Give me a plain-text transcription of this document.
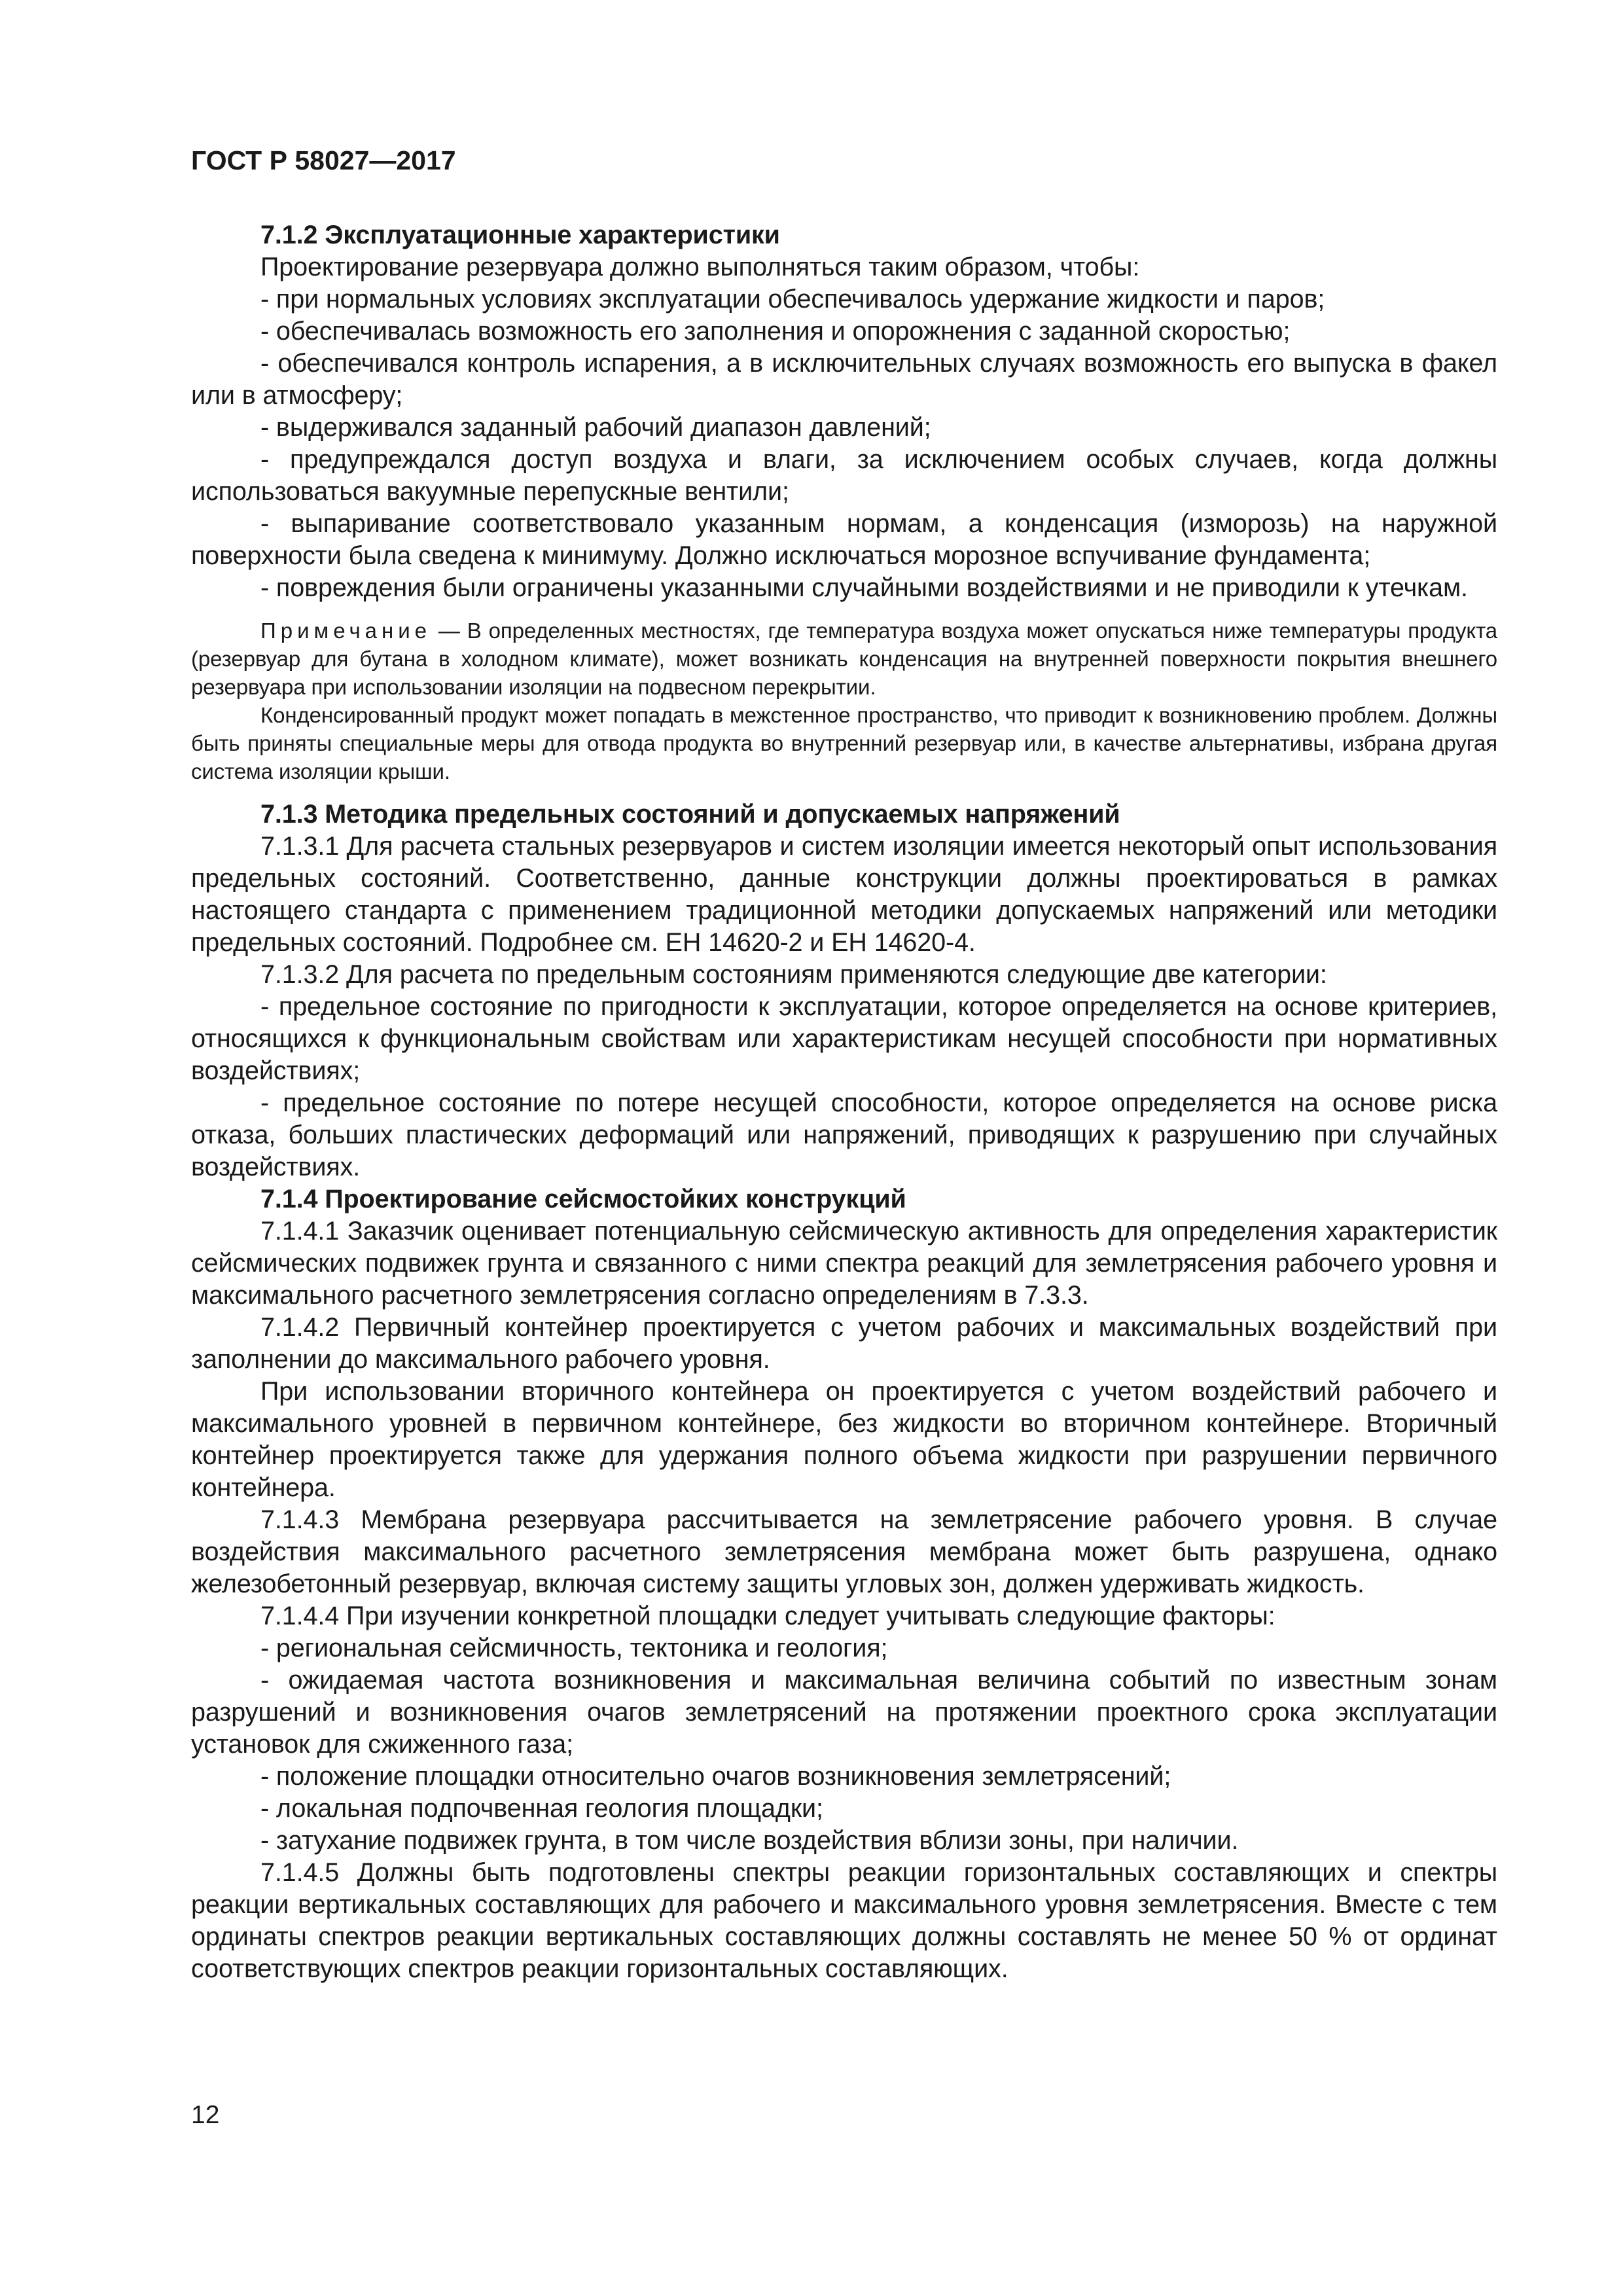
ГОСТ Р 58027—2017

7.1.2 Эксплуатационные характеристики

Проектирование резервуара должно выполняться таким образом, чтобы:

- при нормальных условиях эксплуатации обеспечивалось удержание жидкости и паров;

- обеспечивалась возможность его заполнения и опорожнения с заданной скоростью;

- обеспечивался контроль испарения, а в исключительных случаях возможность его выпуска в факел или в атмосферу;

- выдерживался заданный рабочий диапазон давлений;

- предупреждался доступ воздуха и влаги, за исключением особых случаев, когда должны использоваться вакуумные перепускные вентили;

- выпаривание соответствовало указанным нормам, а конденсация (изморозь) на наружной поверхности была сведена к минимуму. Должно исключаться морозное вспучивание фундамента;

- повреждения были ограничены указанными случайными воздействиями и не приводили к утечкам.

Примечание — В определенных местностях, где температура воздуха может опускаться ниже температуры продукта (резервуар для бутана в холодном климате), может возникать конденсация на внутренней поверхности покрытия внешнего резервуара при использовании изоляции на подвесном перекрытии.

Конденсированный продукт может попадать в межстенное пространство, что приводит к возникновению проблем. Должны быть приняты специальные меры для отвода продукта во внутренний резервуар или, в качестве альтернативы, избрана другая система изоляции крыши.

7.1.3 Методика предельных состояний и допускаемых напряжений

7.1.3.1 Для расчета стальных резервуаров и систем изоляции имеется некоторый опыт использования предельных состояний. Соответственно, данные конструкции должны проектироваться в рамках настоящего стандарта с применением традиционной методики допускаемых напряжений или методики предельных состояний. Подробнее см. ЕН 14620-2 и ЕН 14620-4.

7.1.3.2 Для расчета по предельным состояниям применяются следующие две категории:

- предельное состояние по пригодности к эксплуатации, которое определяется на основе критериев, относящихся к функциональным свойствам или характеристикам несущей способности при нормативных воздействиях;

- предельное состояние по потере несущей способности, которое определяется на основе риска отказа, больших пластических деформаций или напряжений, приводящих к разрушению при случайных воздействиях.

7.1.4 Проектирование сейсмостойких конструкций

7.1.4.1 Заказчик оценивает потенциальную сейсмическую активность для определения характеристик сейсмических подвижек грунта и связанного с ними спектра реакций для землетрясения рабочего уровня и максимального расчетного землетрясения согласно определениям в 7.3.3.

7.1.4.2 Первичный контейнер проектируется с учетом рабочих и максимальных воздействий при заполнении до максимального рабочего уровня.

При использовании вторичного контейнера он проектируется с учетом воздействий рабочего и максимального уровней в первичном контейнере, без жидкости во вторичном контейнере. Вторичный контейнер проектируется также для удержания полного объема жидкости при разрушении первичного контейнера.

7.1.4.3 Мембрана резервуара рассчитывается на землетрясение рабочего уровня. В случае воздействия максимального расчетного землетрясения мембрана может быть разрушена, однако железобетонный резервуар, включая систему защиты угловых зон, должен удерживать жидкость.

7.1.4.4 При изучении конкретной площадки следует учитывать следующие факторы:

- региональная сейсмичность, тектоника и геология;

- ожидаемая частота возникновения и максимальная величина событий по известным зонам разрушений и возникновения очагов землетрясений на протяжении проектного срока эксплуатации установок для сжиженного газа;

- положение площадки относительно очагов возникновения землетрясений;

- локальная подпочвенная геология площадки;

- затухание подвижек грунта, в том числе воздействия вблизи зоны, при наличии.

7.1.4.5 Должны быть подготовлены спектры реакции горизонтальных составляющих и спектры реакции вертикальных составляющих для рабочего и максимального уровня землетрясения. Вместе с тем ординаты спектров реакции вертикальных составляющих должны составлять не менее 50 % от ординат соответствующих спектров реакции горизонтальных составляющих.

12
